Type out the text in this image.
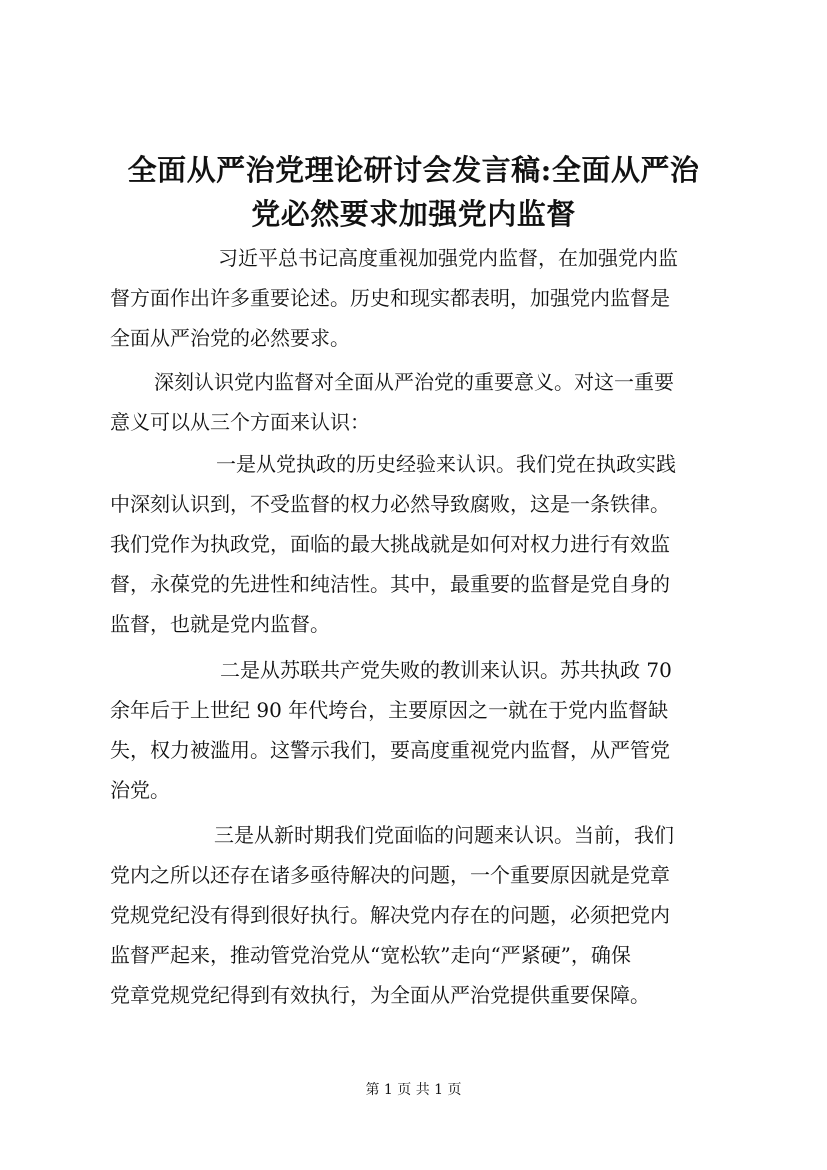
全面从严治党理论研讨会发言稿:全面从严治
党必然要求加强党内监督
习近平总书记高度重视加强党内监督，在加强党内监
督方面作出许多重要论述。历史和现实都表明，加强党内监督是
全面从严治党的必然要求。
深刻认识党内监督对全面从严治党的重要意义。对这一重要
意义可以从三个方面来认识：
一是从党执政的历史经验来认识。我们党在执政实践
中深刻认识到，不受监督的权力必然导致腐败，这是一条铁律。
我们党作为执政党，面临的最大挑战就是如何对权力进行有效监
督，永葆党的先进性和纯洁性。其中，最重要的监督是党自身的
监督，也就是党内监督。
二是从苏联共产党失败的教训来认识。苏共执政 70
余年后于上世纪 90 年代垮台，主要原因之一就在于党内监督缺
失，权力被滥用。这警示我们，要高度重视党内监督，从严管党
治党。
三是从新时期我们党面临的问题来认识。当前，我们
党内之所以还存在诸多亟待解决的问题，一个重要原因就是党章
党规党纪没有得到很好执行。解决党内存在的问题，必须把党内
监督严起来，推动管党治党从“宽松软”走向“严紧硬”，确保
党章党规党纪得到有效执行，为全面从严治党提供重要保障。
第 1 页 共 1 页
